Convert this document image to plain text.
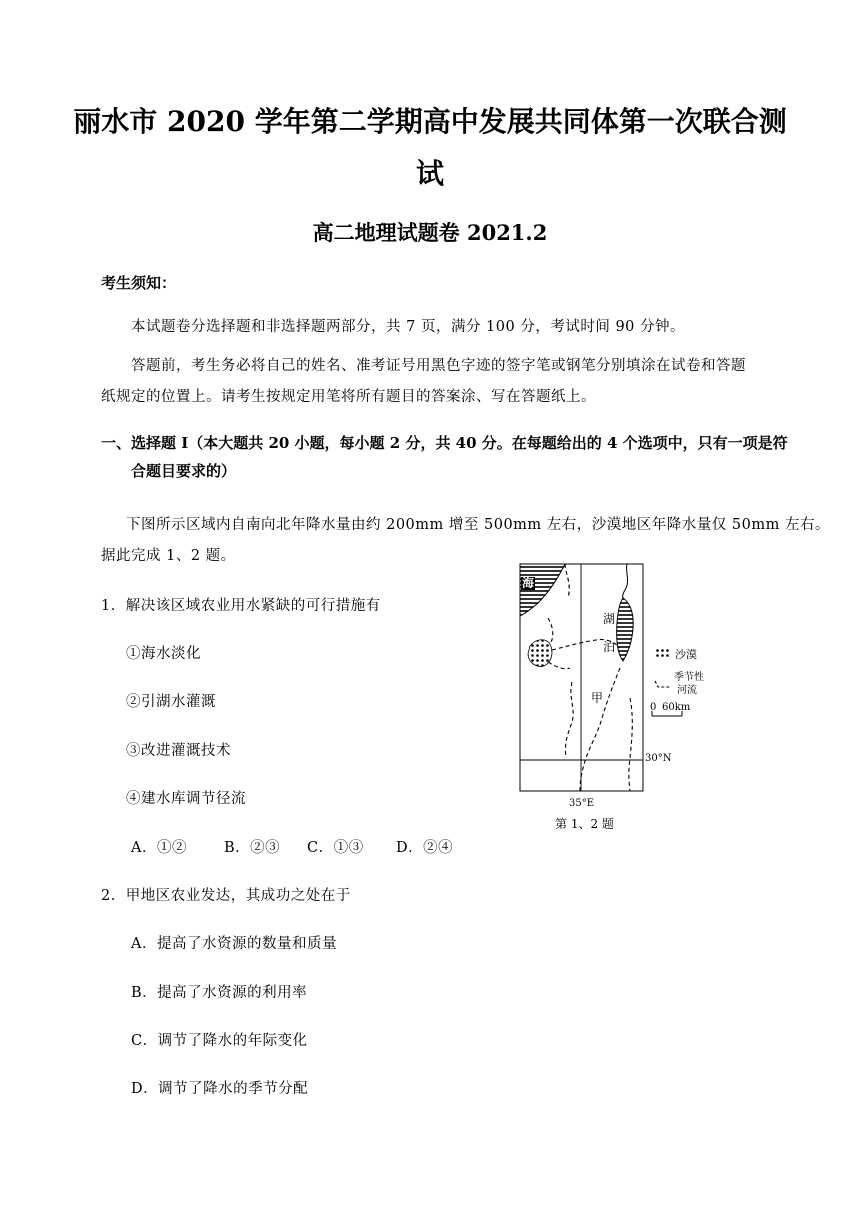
丽水市 2020 学年第二学期高中发展共同体第一次联合测
试
高二地理试题卷 2021.2
考生须知：
本试题卷分选择题和非选择题两部分，共 7 页，满分 100 分，考试时间 90 分钟。
答题前，考生务必将自己的姓名、准考证号用黑色字迹的签字笔或钢笔分别填涂在试卷和答题
纸规定的位置上。请考生按规定用笔将所有题目的答案涂、写在答题纸上。
一、选择题 I（本大题共 20 小题，每小题 2 分，共 40 分。在每题给出的 4 个选项中，只有一项是符
合题目要求的）
下图所示区域内自南向北年降水量由约 200mm 增至 500mm 左右，沙漠地区年降水量仅 50mm 左右。
据此完成 1、2 题。
1．解决该区域农业用水紧缺的可行措施有
①海水淡化
②引湖水灌溉
③改进灌溉技术
④建水库调节径流
A．①②	B．②③ C．①③ D．②④
2．甲地区农业发达，其成功之处在于
A．提高了水资源的数量和质量
B．提高了水资源的利用率
C．调节了降水的年际变化
D．调节了降水的季节分配
海
湖
泊
甲
沙漠
季节性
河流
0 60km
30°N
35°E
第 1、2 题
